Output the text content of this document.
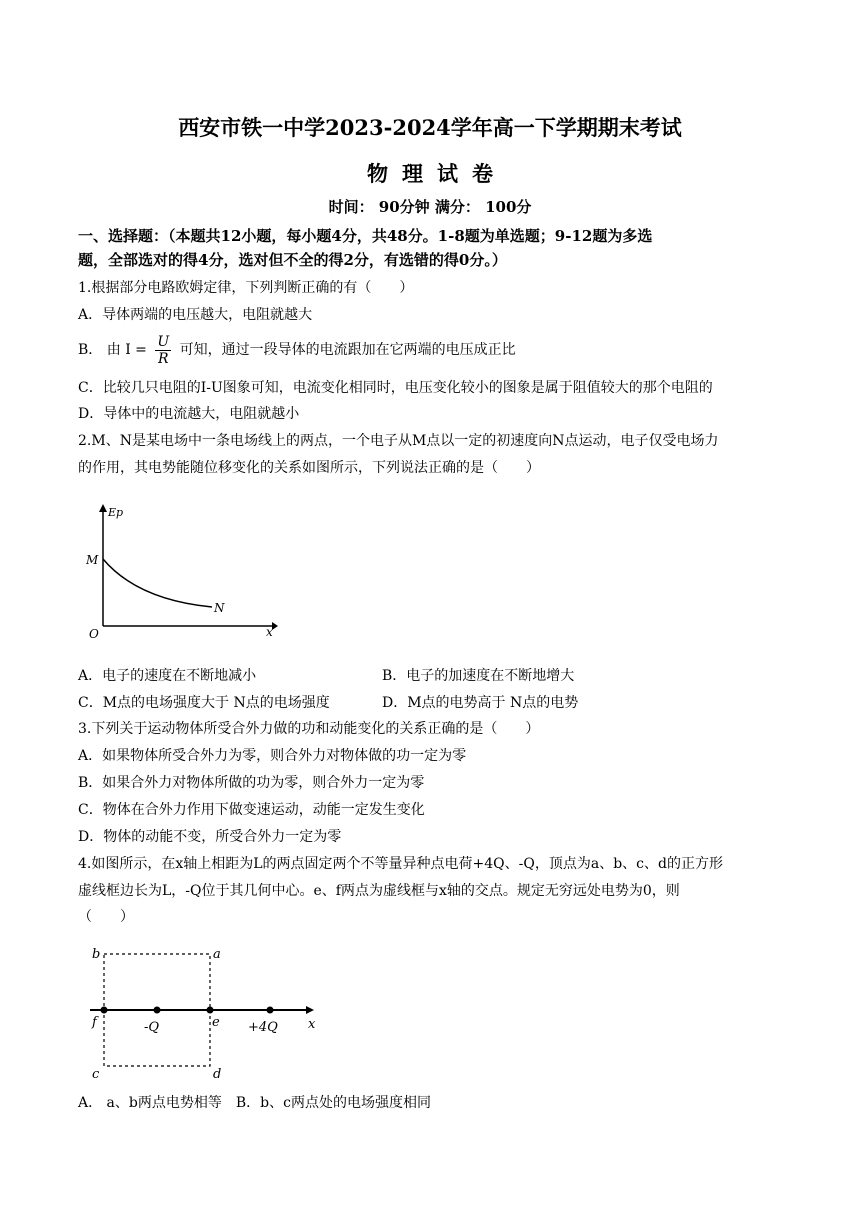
西安市铁一中学2023-2024学年高一下学期期末考试
物理试卷
时间： 90分钟 满分： 100分
一、选择题：（本题共12小题，每小题4分，共48分。1-8题为单选题；9-12题为多选
题，全部选对的得4分，选对但不全的得2分，有选错的得0分。）
1.根据部分电路欧姆定律，下列判断正确的有（　　）
A．导体两端的电压越大，电阻就越大
B． 由 $I = \frac{U}{R}$ 可知，通过一段导体的电流跟加在它两端的电压成正比
C．比较几只电阻的I-U图象可知，电流变化相同时，电压变化较小的图象是属于阻值较大的那个电阻的
D．导体中的电流越大，电阻就越小
2.M、N是某电场中一条电场线上的两点，一个电子从M点以一定的初速度向N点运动，电子仅受电场力
的作用，其电势能随位移变化的关系如图所示，下列说法正确的是（　　）
Ep
x
O
M
N
A．电子的速度在不断地减小	B．电子的加速度在不断地增大
C．M点的电场强度大于 N点的电场强度	D．M点的电势高于 N点的电势
3.下列关于运动物体所受合外力做的功和动能变化的关系正确的是（　　）
A．如果物体所受合外力为零，则合外力对物体做的功一定为零
B．如果合外力对物体所做的功为零，则合外力一定为零
C．物体在合外力作用下做变速运动，动能一定发生变化
D．物体的动能不变，所受合外力一定为零
4.如图所示，在x轴上相距为L的两点固定两个不等量异种点电荷+4Q、-Q，顶点为a、b、c、d的正方形
虚线框边长为L，-Q位于其几何中心。e、f两点为虚线框与x轴的交点。规定无穷远处电势为0，则
（　　）
b	a
c	d
f	e
-Q	+4Q x
A． a、b两点电势相等　B．b、c两点处的电场强度相同
